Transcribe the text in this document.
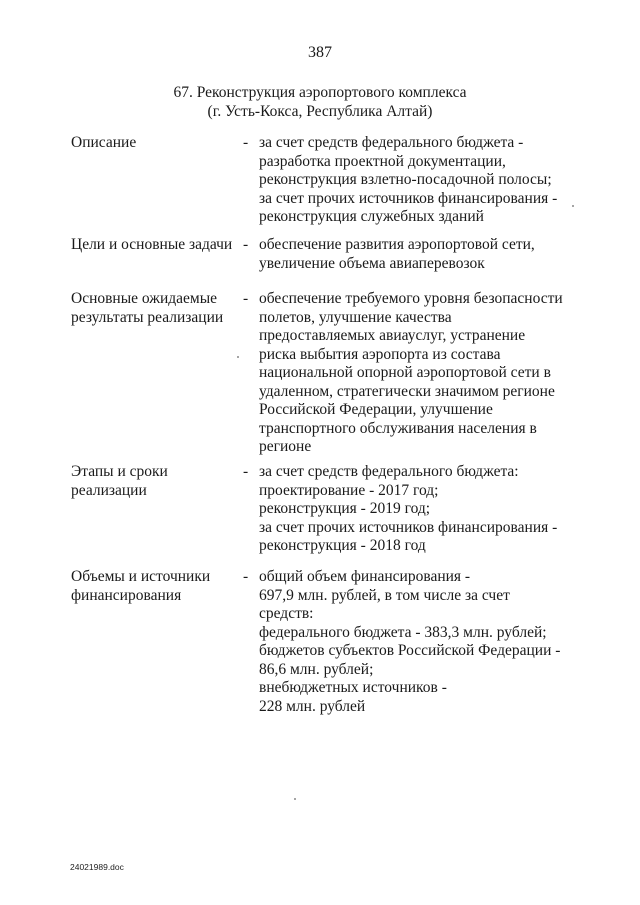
387
67. Реконструкция аэропортового комплекса
(г. Усть-Кокса, Республика Алтай)
Описание	- за счет средств федерального бюджета -
разработка проектной документации,
реконструкция взлетно-посадочной полосы;
за счет прочих источников финансирования -
реконструкция служебных зданий
Цели и основные задачи - обеспечение развития аэропортовой сети,
увеличение объема авиаперевозок
Основные ожидаемые
результаты реализации
- обеспечение требуемого уровня безопасности
полетов, улучшение качества
предоставляемых авиауслуг, устранение
риска выбытия аэропорта из состава
национальной опорной аэропортовой сети в
удаленном, стратегически значимом регионе
Российской Федерации, улучшение
транспортного обслуживания населения в
регионе
Этапы и сроки
реализации
- за счет средств федерального бюджета:
проектирование - 2017 год;
реконструкция - 2019 год;
за счет прочих источников финансирования -
реконструкция - 2018 год
Объемы и источники
финансирования
- общий объем финансирования -
697,9 млн. рублей, в том числе за счет
средств:
федерального бюджета - 383,3 млн. рублей;
бюджетов субъектов Российской Федерации -
86,6 млн. рублей;
внебюджетных источников -
228 млн. рублей
24021989.doc
